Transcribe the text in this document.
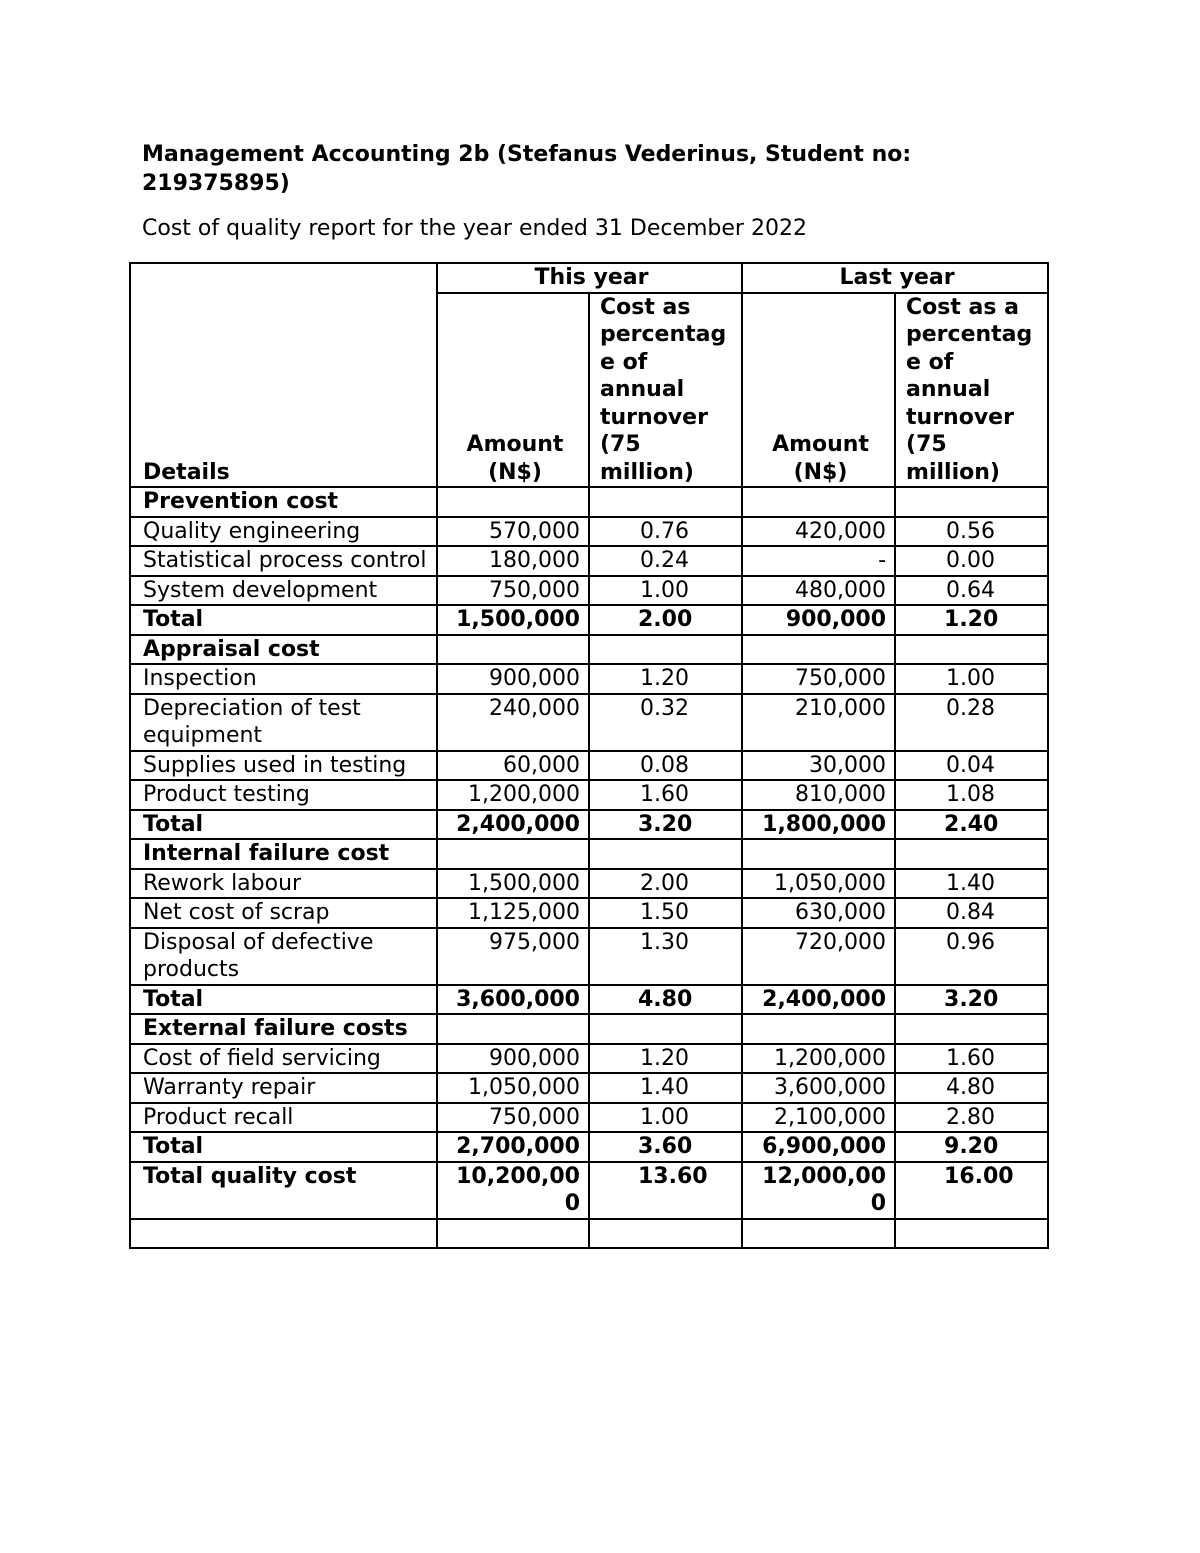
Management Accounting 2b (Stefanus Vederinus, Student no: 219375895)
Cost of quality report for the year ended 31 December 2022
Details	This year		Last year	
	Amount (N$)	Cost as percentage of annual turnover (75 million)	Amount (N$)	Cost as a percentage of annual turnover (75 million)
Prevention cost				
Quality engineering	570,000	0.76	420,000	0.56
Statistical process control	180,000	0.24	-	0.00
System development	750,000	1.00	480,000	0.64
Total	1,500,000	2.00	900,000	1.20
Appraisal cost				
Inspection	900,000	1.20	750,000	1.00
Depreciation of test equipment	240,000	0.32	210,000	0.28
Supplies used in testing	60,000	0.08	30,000	0.04
Product testing	1,200,000	1.60	810,000	1.08
Total	2,400,000	3.20	1,800,000	2.40
Internal failure cost				
Rework labour	1,500,000	2.00	1,050,000	1.40
Net cost of scrap	1,125,000	1.50	630,000	0.84
Disposal of defective products	975,000	1.30	720,000	0.96
Total	3,600,000	4.80	2,400,000	3.20
External failure costs				
Cost of field servicing	900,000	1.20	1,200,000	1.60
Warranty repair	1,050,000	1.40	3,600,000	4.80
Product recall	750,000	1.00	2,100,000	2.80
Total	2,700,000	3.60	6,900,000	9.20
Total quality cost	10,200,000	13.60	12,000,000	16.00
